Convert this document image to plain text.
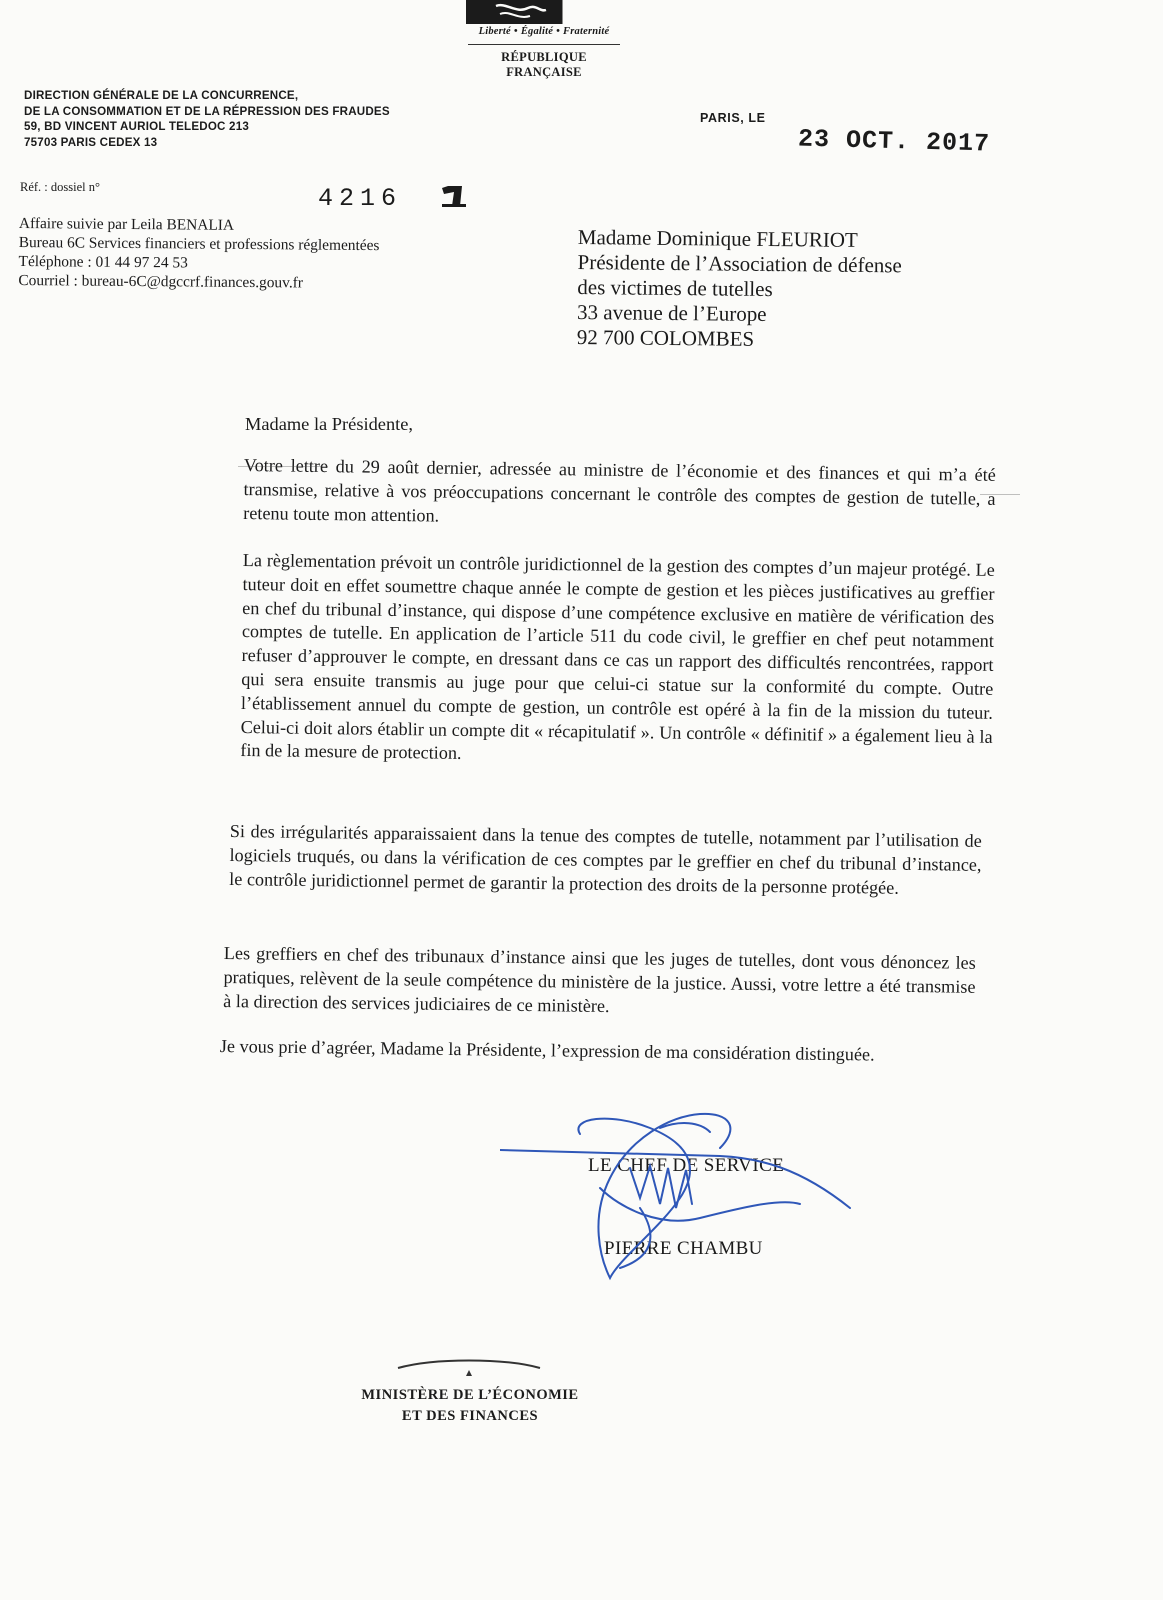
Liberté • Égalité • Fraternité
RÉPUBLIQUE FRANÇAISE
DIRECTION GÉNÉRALE DE LA CONCURRENCE,
DE LA CONSOMMATION ET DE LA RÉPRESSION DES FRAUDES
59, BD VINCENT AURIOL TELEDOC 213
75703 PARIS CEDEX 13
PARIS, LE
23 OCT. 2017
Réf. : dossiel n°	4216
Affaire suivie par Leila BENALIA
Bureau 6C Services financiers et professions réglementées
Téléphone : 01 44 97 24 53
Courriel : bureau-6C@dgccrf.finances.gouv.fr
Madame Dominique FLEURIOT
Présidente de l’Association de défense
des victimes de tutelles
33 avenue de l’Europe
92 700 COLOMBES
Madame la Présidente,
Votre lettre du 29 août dernier, adressée au ministre de l’économie et des finances et qui m’a été transmise, relative à vos préoccupations concernant le contrôle des comptes de gestion de tutelle, a retenu toute mon attention.
La règlementation prévoit un contrôle juridictionnel de la gestion des comptes d’un majeur protégé. Le tuteur doit en effet soumettre chaque année le compte de gestion et les pièces justificatives au greffier en chef du tribunal d’instance, qui dispose d’une compétence exclusive en matière de vérification des comptes de tutelle. En application de l’article 511 du code civil, le greffier en chef peut notamment refuser d’approuver le compte, en dressant dans ce cas un rapport des difficultés rencontrées, rapport qui sera ensuite transmis au juge pour que celui-ci statue sur la conformité du compte. Outre l’établissement annuel du compte de gestion, un contrôle est opéré à la fin de la mission du tuteur. Celui-ci doit alors établir un compte dit « récapitulatif ». Un contrôle « définitif » a également lieu à la fin de la mesure de protection.
Si des irrégularités apparaissaient dans la tenue des comptes de tutelle, notamment par l’utilisation de logiciels truqués, ou dans la vérification de ces comptes par le greffier en chef du tribunal d’instance, le contrôle juridictionnel permet de garantir la protection des droits de la personne protégée.
Les greffiers en chef des tribunaux d’instance ainsi que les juges de tutelles, dont vous dénoncez les pratiques, relèvent de la seule compétence du ministère de la justice. Aussi, votre lettre a été transmise à la direction des services judiciaires de ce ministère.
Je vous prie d’agréer, Madame la Présidente, l’expression de ma considération distinguée.
LE CHEF DE SERVICE
PIERRE CHAMBU
MINISTÈRE DE L’ÉCONOMIE
ET DES FINANCES
